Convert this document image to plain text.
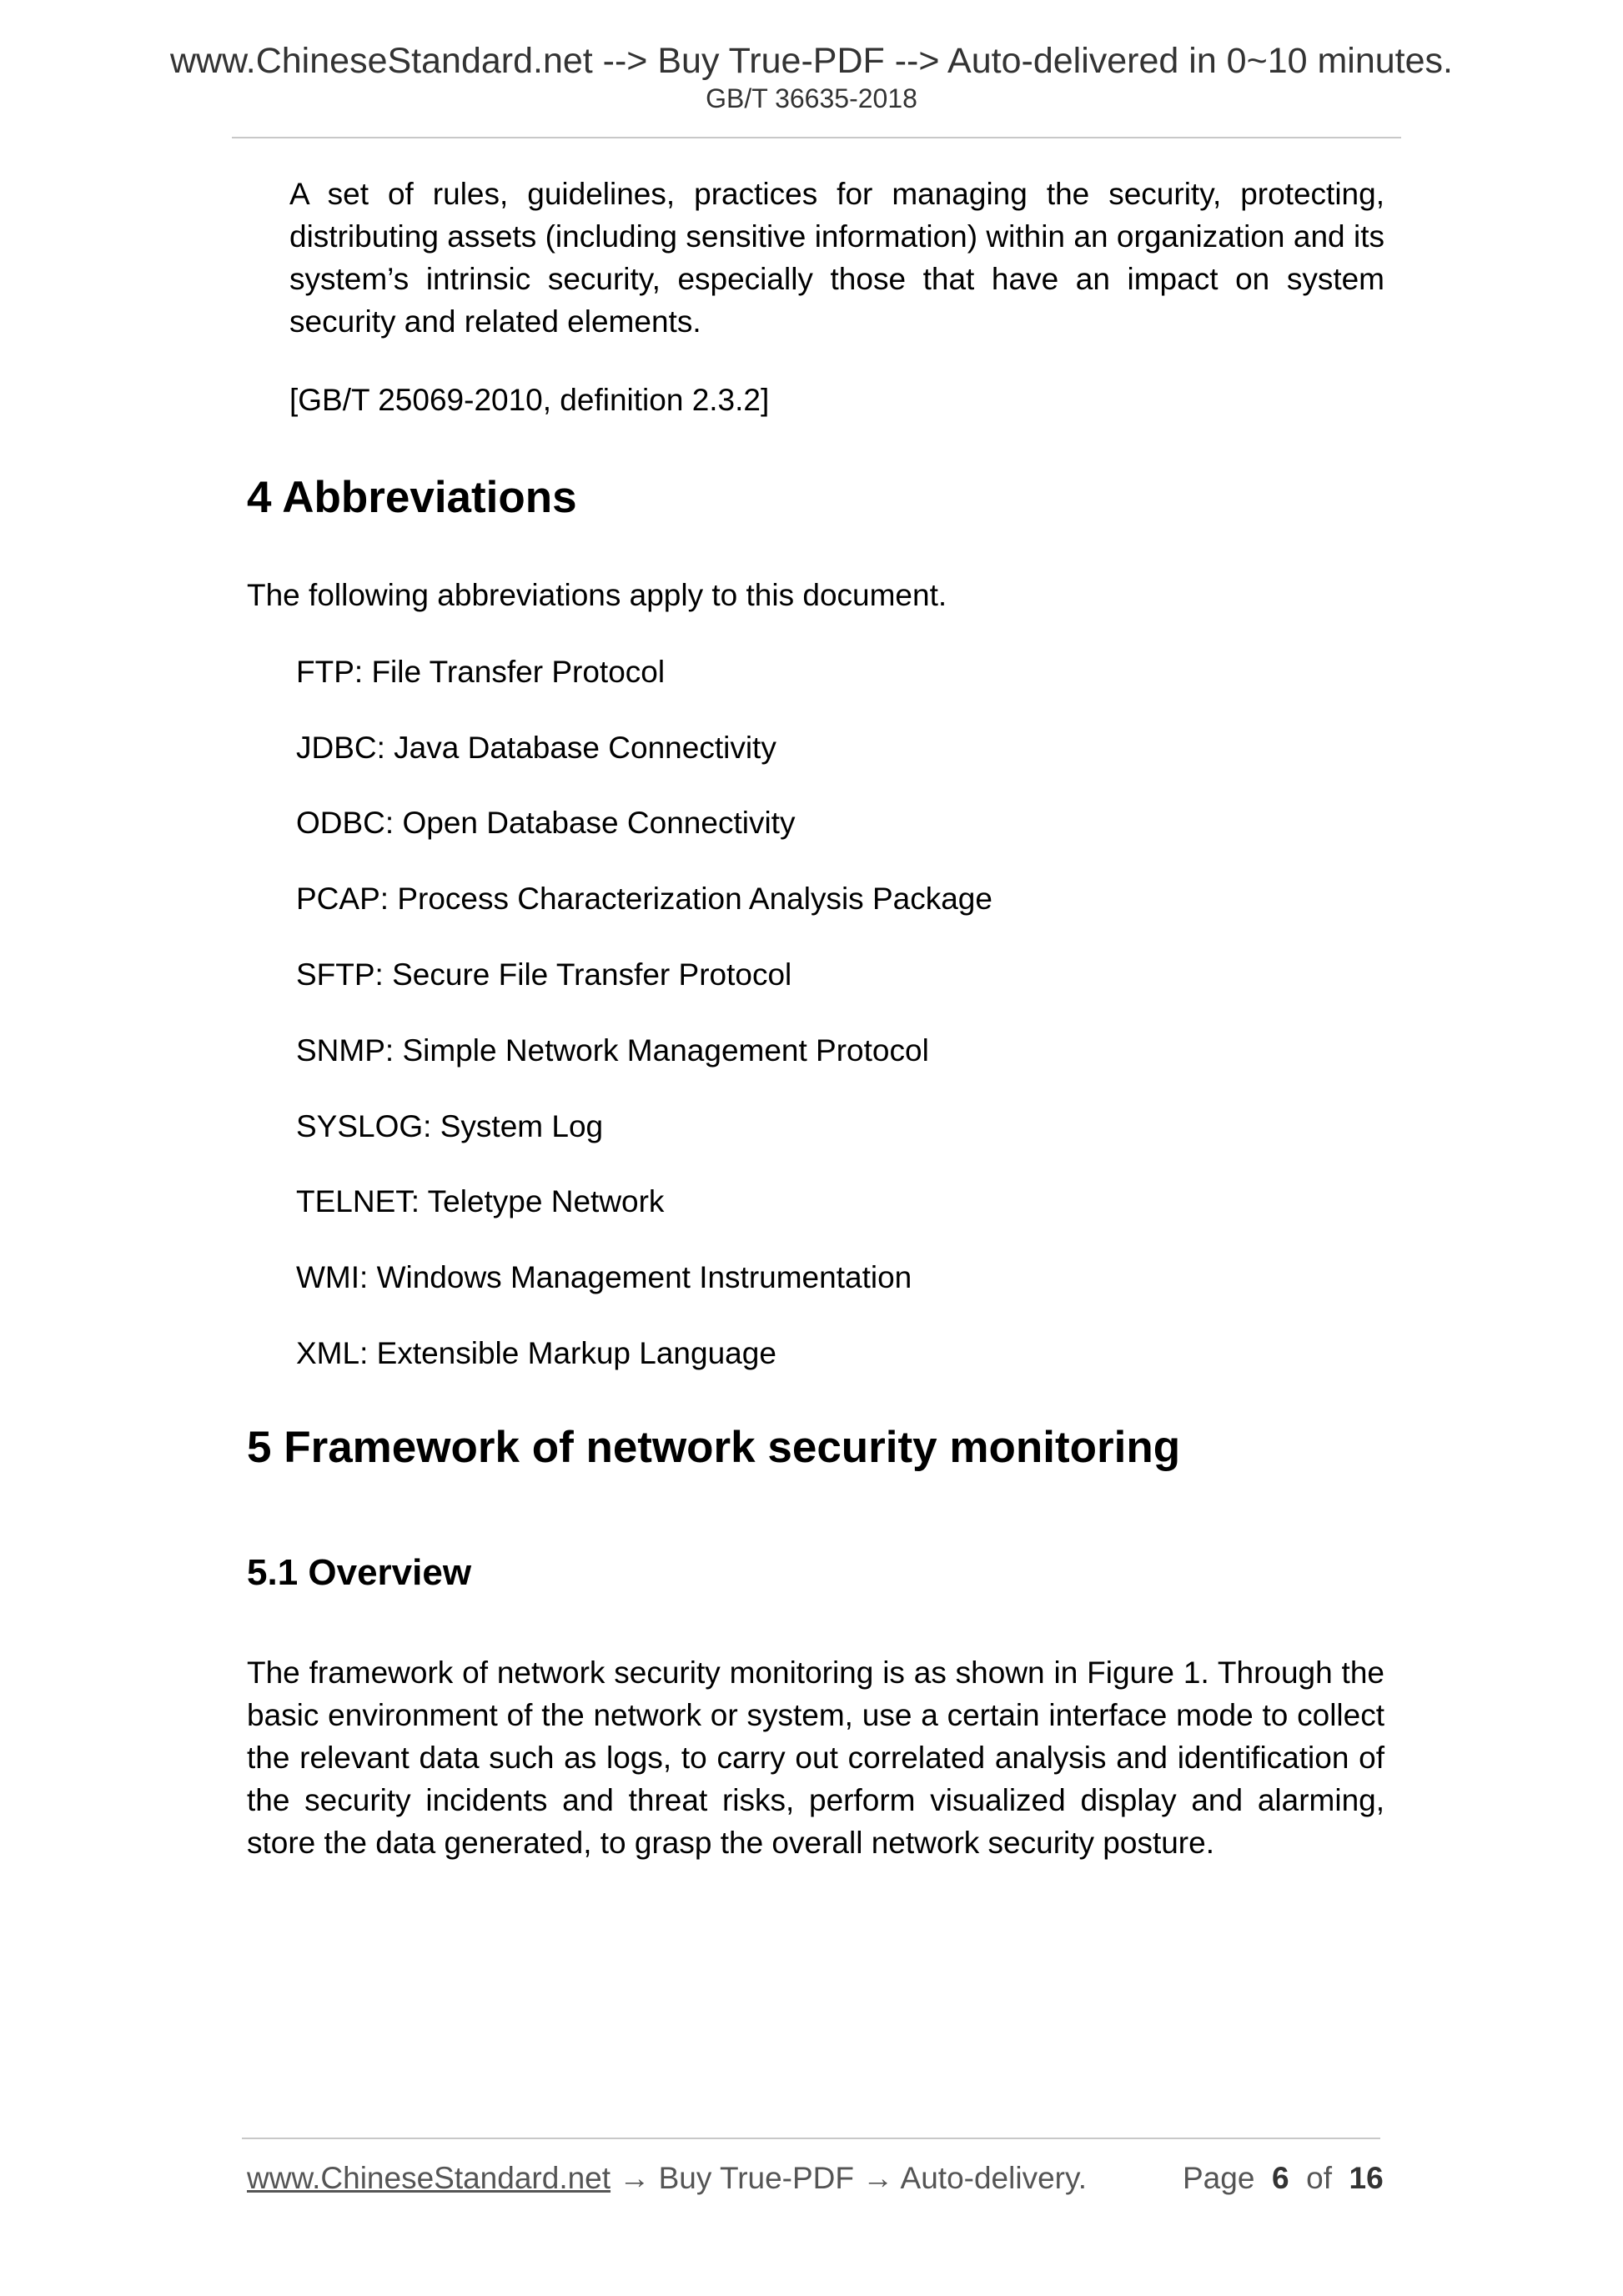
www.ChineseStandard.net --> Buy True-PDF --> Auto-delivered in 0~10 minutes.
GB/T 36635-2018

A set of rules, guidelines, practices for managing the security, protecting, distributing assets (including sensitive information) within an organization and its system’s intrinsic security, especially those that have an impact on system security and related elements.

[GB/T 25069-2010, definition 2.3.2]

4 Abbreviations

The following abbreviations apply to this document.

FTP: File Transfer Protocol

JDBC: Java Database Connectivity

ODBC: Open Database Connectivity

PCAP: Process Characterization Analysis Package

SFTP: Secure File Transfer Protocol

SNMP: Simple Network Management Protocol

SYSLOG: System Log

TELNET: Teletype Network

WMI: Windows Management Instrumentation

XML: Extensible Markup Language

5 Framework of network security monitoring
5.1 Overview

The framework of network security monitoring is as shown in Figure 1. Through the basic environment of the network or system, use a certain interface mode to collect the relevant data such as logs, to carry out correlated analysis and identification of the security incidents and threat risks, perform visualized display and alarming, store the data generated, to grasp the overall network security posture.

www.ChineseStandard.net → Buy True-PDF → Auto-delivery.	Page 6 of 16
